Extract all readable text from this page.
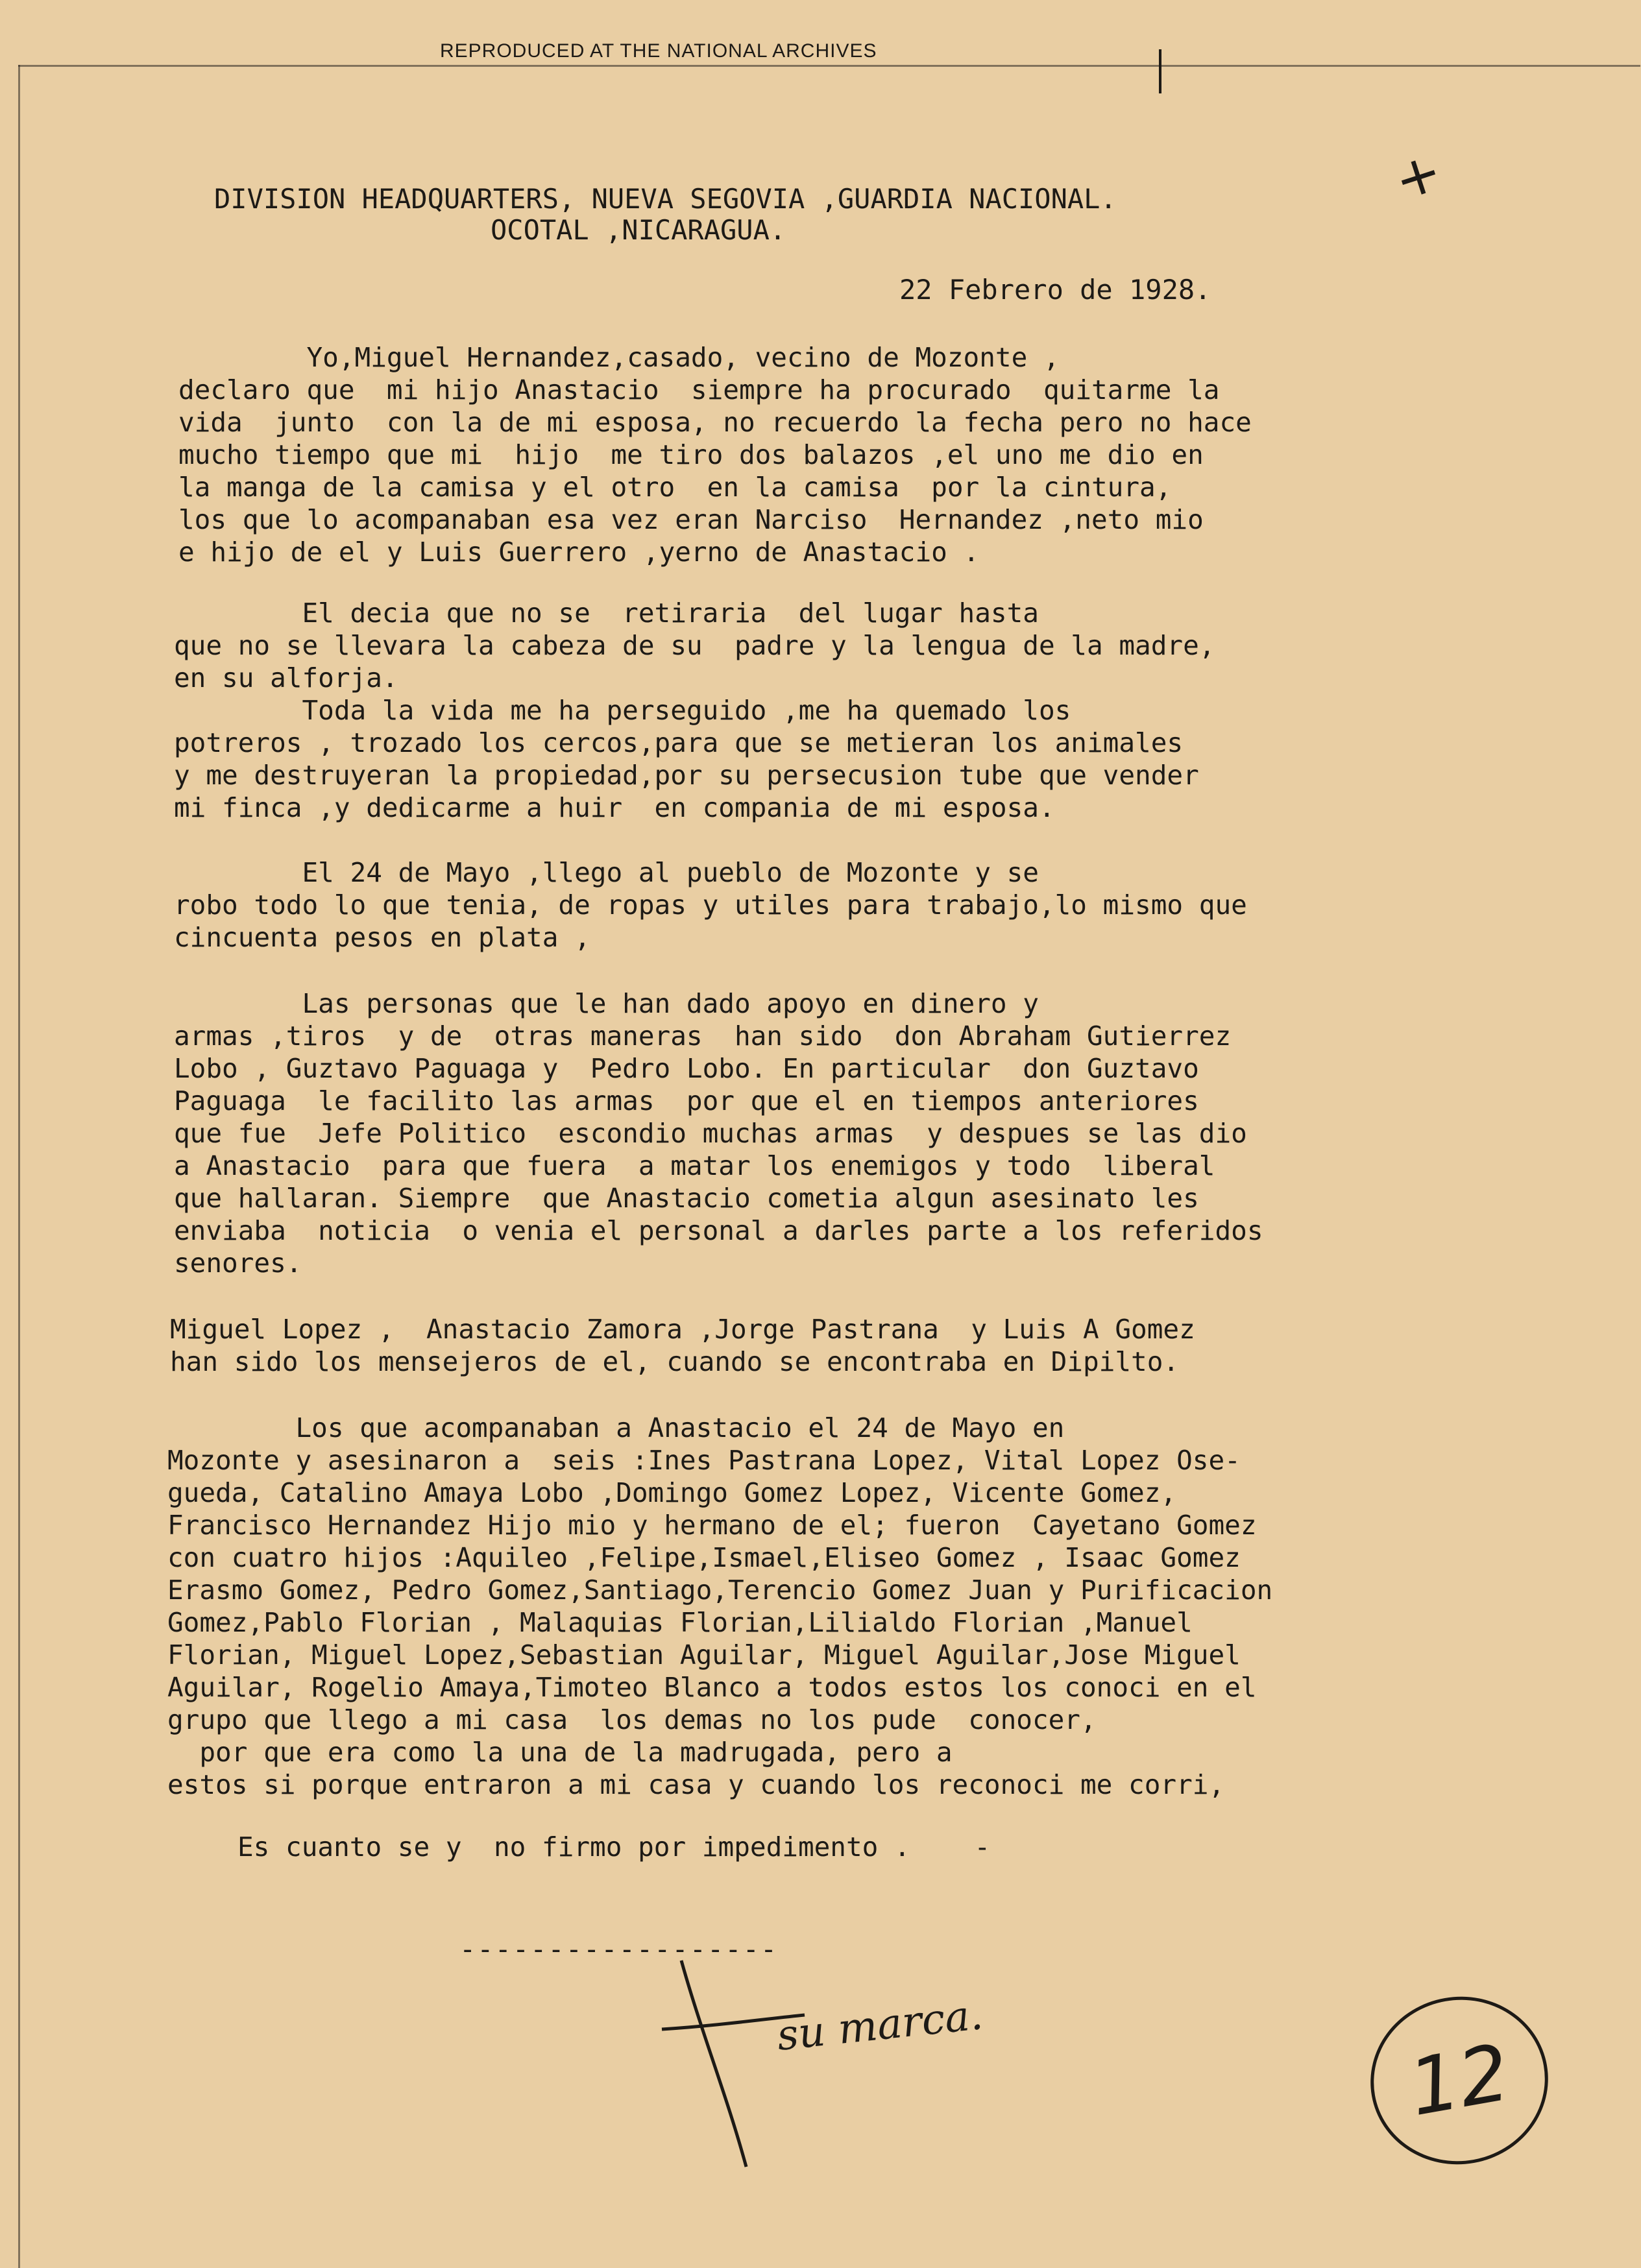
REPRODUCED AT THE NATIONAL ARCHIVES
+
DIVISION HEADQUARTERS, NUEVA SEGOVIA ,GUARDIA NACIONAL.
OCOTAL ,NICARAGUA.
22 Febrero de 1928.
Yo,Miguel Hernandez,casado, vecino de Mozonte ,
declaro que  mi hijo Anastacio  siempre ha procurado  quitarme la
vida  junto  con la de mi esposa, no recuerdo la fecha pero no hace
mucho tiempo que mi  hijo  me tiro dos balazos ,el uno me dio en
la manga de la camisa y el otro  en la camisa  por la cintura,
los que lo acompanaban esa vez eran Narciso  Hernandez ,neto mio
e hijo de el y Luis Guerrero ,yerno de Anastacio .
El decia que no se  retiraria  del lugar hasta
que no se llevara la cabeza de su  padre y la lengua de la madre,
en su alforja.
Toda la vida me ha perseguido ,me ha quemado los
potreros , trozado los cercos,para que se metieran los animales
y me destruyeran la propiedad,por su persecusion tube que vender
mi finca ,y dedicarme a huir  en compania de mi esposa.
El 24 de Mayo ,llego al pueblo de Mozonte y se
robo todo lo que tenia, de ropas y utiles para trabajo,lo mismo que
cincuenta pesos en plata ,
Las personas que le han dado apoyo en dinero y
armas ,tiros  y de  otras maneras  han sido  don Abraham Gutierrez
Lobo , Guztavo Paguaga y  Pedro Lobo. En particular  don Guztavo
Paguaga  le facilito las armas  por que el en tiempos anteriores
que fue  Jefe Politico  escondio muchas armas  y despues se las dio
a Anastacio  para que fuera  a matar los enemigos y todo  liberal
que hallaran. Siempre  que Anastacio cometia algun asesinato les
enviaba  noticia  o venia el personal a darles parte a los referidos
senores.
Miguel Lopez ,  Anastacio Zamora ,Jorge Pastrana  y Luis A Gomez
han sido los mensejeros de el, cuando se encontraba en Dipilto.
Los que acompanaban a Anastacio el 24 de Mayo en
Mozonte y asesinaron a  seis :Ines Pastrana Lopez, Vital Lopez Ose-
gueda, Catalino Amaya Lobo ,Domingo Gomez Lopez, Vicente Gomez,
Francisco Hernandez Hijo mio y hermano de el; fueron  Cayetano Gomez
con cuatro hijos :Aquileo ,Felipe,Ismael,Eliseo Gomez , Isaac Gomez
Erasmo Gomez, Pedro Gomez,Santiago,Terencio Gomez Juan y Purificacion
Gomez,Pablo Florian , Malaquias Florian,Lilialdo Florian ,Manuel
Florian, Miguel Lopez,Sebastian Aguilar, Miguel Aguilar,Jose Miguel
Aguilar, Rogelio Amaya,Timoteo Blanco a todos estos los conoci en el
grupo que llego a mi casa  los demas no los pude  conocer,
por que era como la una de la madrugada, pero a
estos si porque entraron a mi casa y cuando los reconoci me corri,
Es cuanto se y  no firmo por impedimento .    -
------------------
su marca.
12
